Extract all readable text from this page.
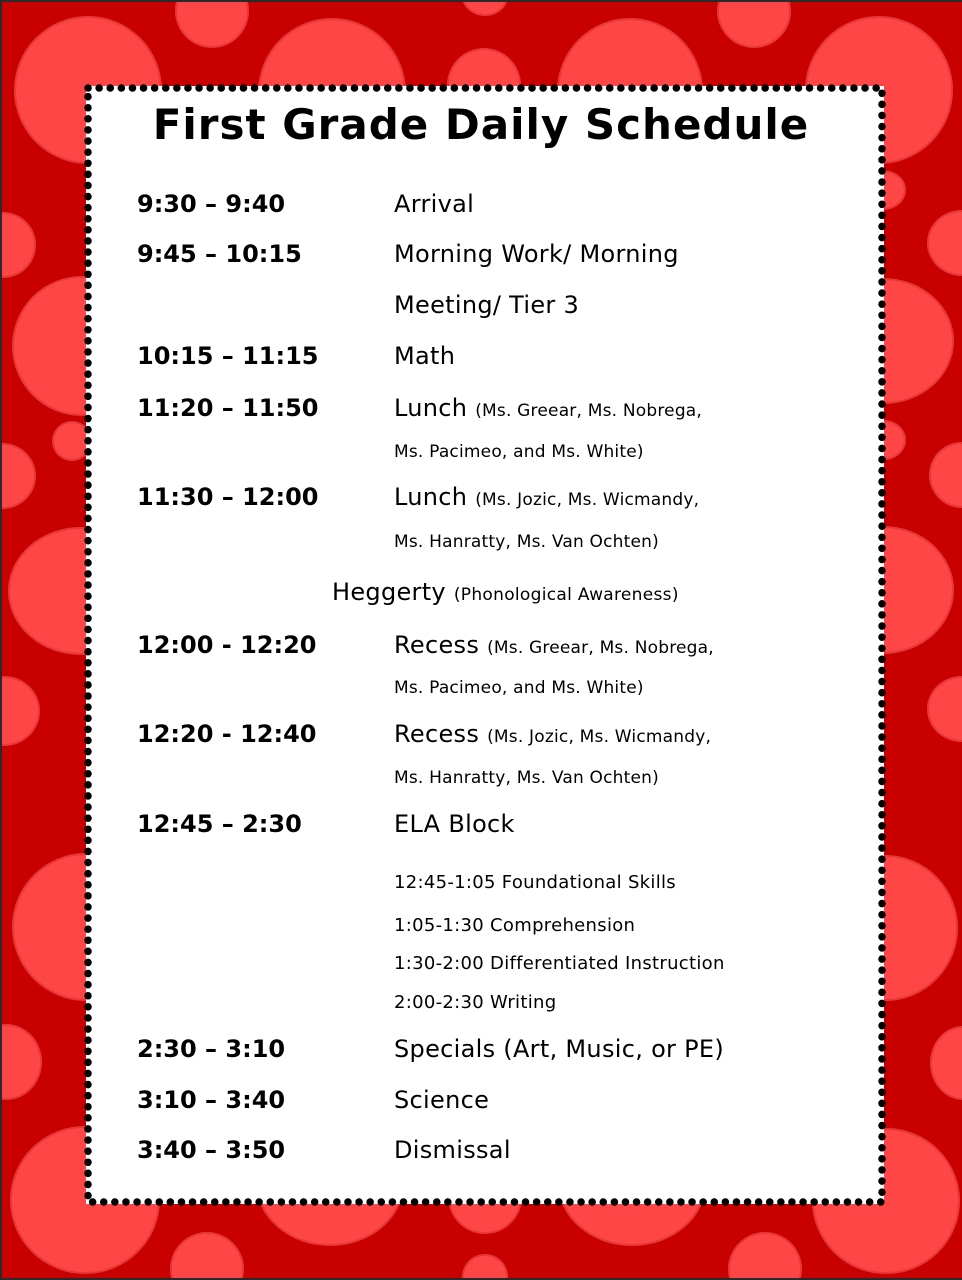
First Grade Daily Schedule
9:30 – 9:40	Arrival
9:45 – 10:15	Morning Work/ Morning
Meeting/ Tier 3
10:15 – 11:15	Math
11:20 – 11:50	Lunch (Ms. Greear, Ms. Nobrega,
Ms. Pacimeo, and Ms. White)
11:30 – 12:00	Lunch (Ms. Jozic, Ms. Wicmandy,
Ms. Hanratty, Ms. Van Ochten)
Heggerty (Phonological Awareness)
12:00 - 12:20	Recess (Ms. Greear, Ms. Nobrega,
Ms. Pacimeo, and Ms. White)
12:20 - 12:40	Recess (Ms. Jozic, Ms. Wicmandy,
Ms. Hanratty, Ms. Van Ochten)
12:45 – 2:30	ELA Block
12:45-1:05 Foundational Skills
1:05-1:30 Comprehension
1:30-2:00 Differentiated Instruction
2:00-2:30 Writing
2:30 – 3:10	Specials (Art, Music, or PE)
3:10 – 3:40	Science
3:40 – 3:50	Dismissal
